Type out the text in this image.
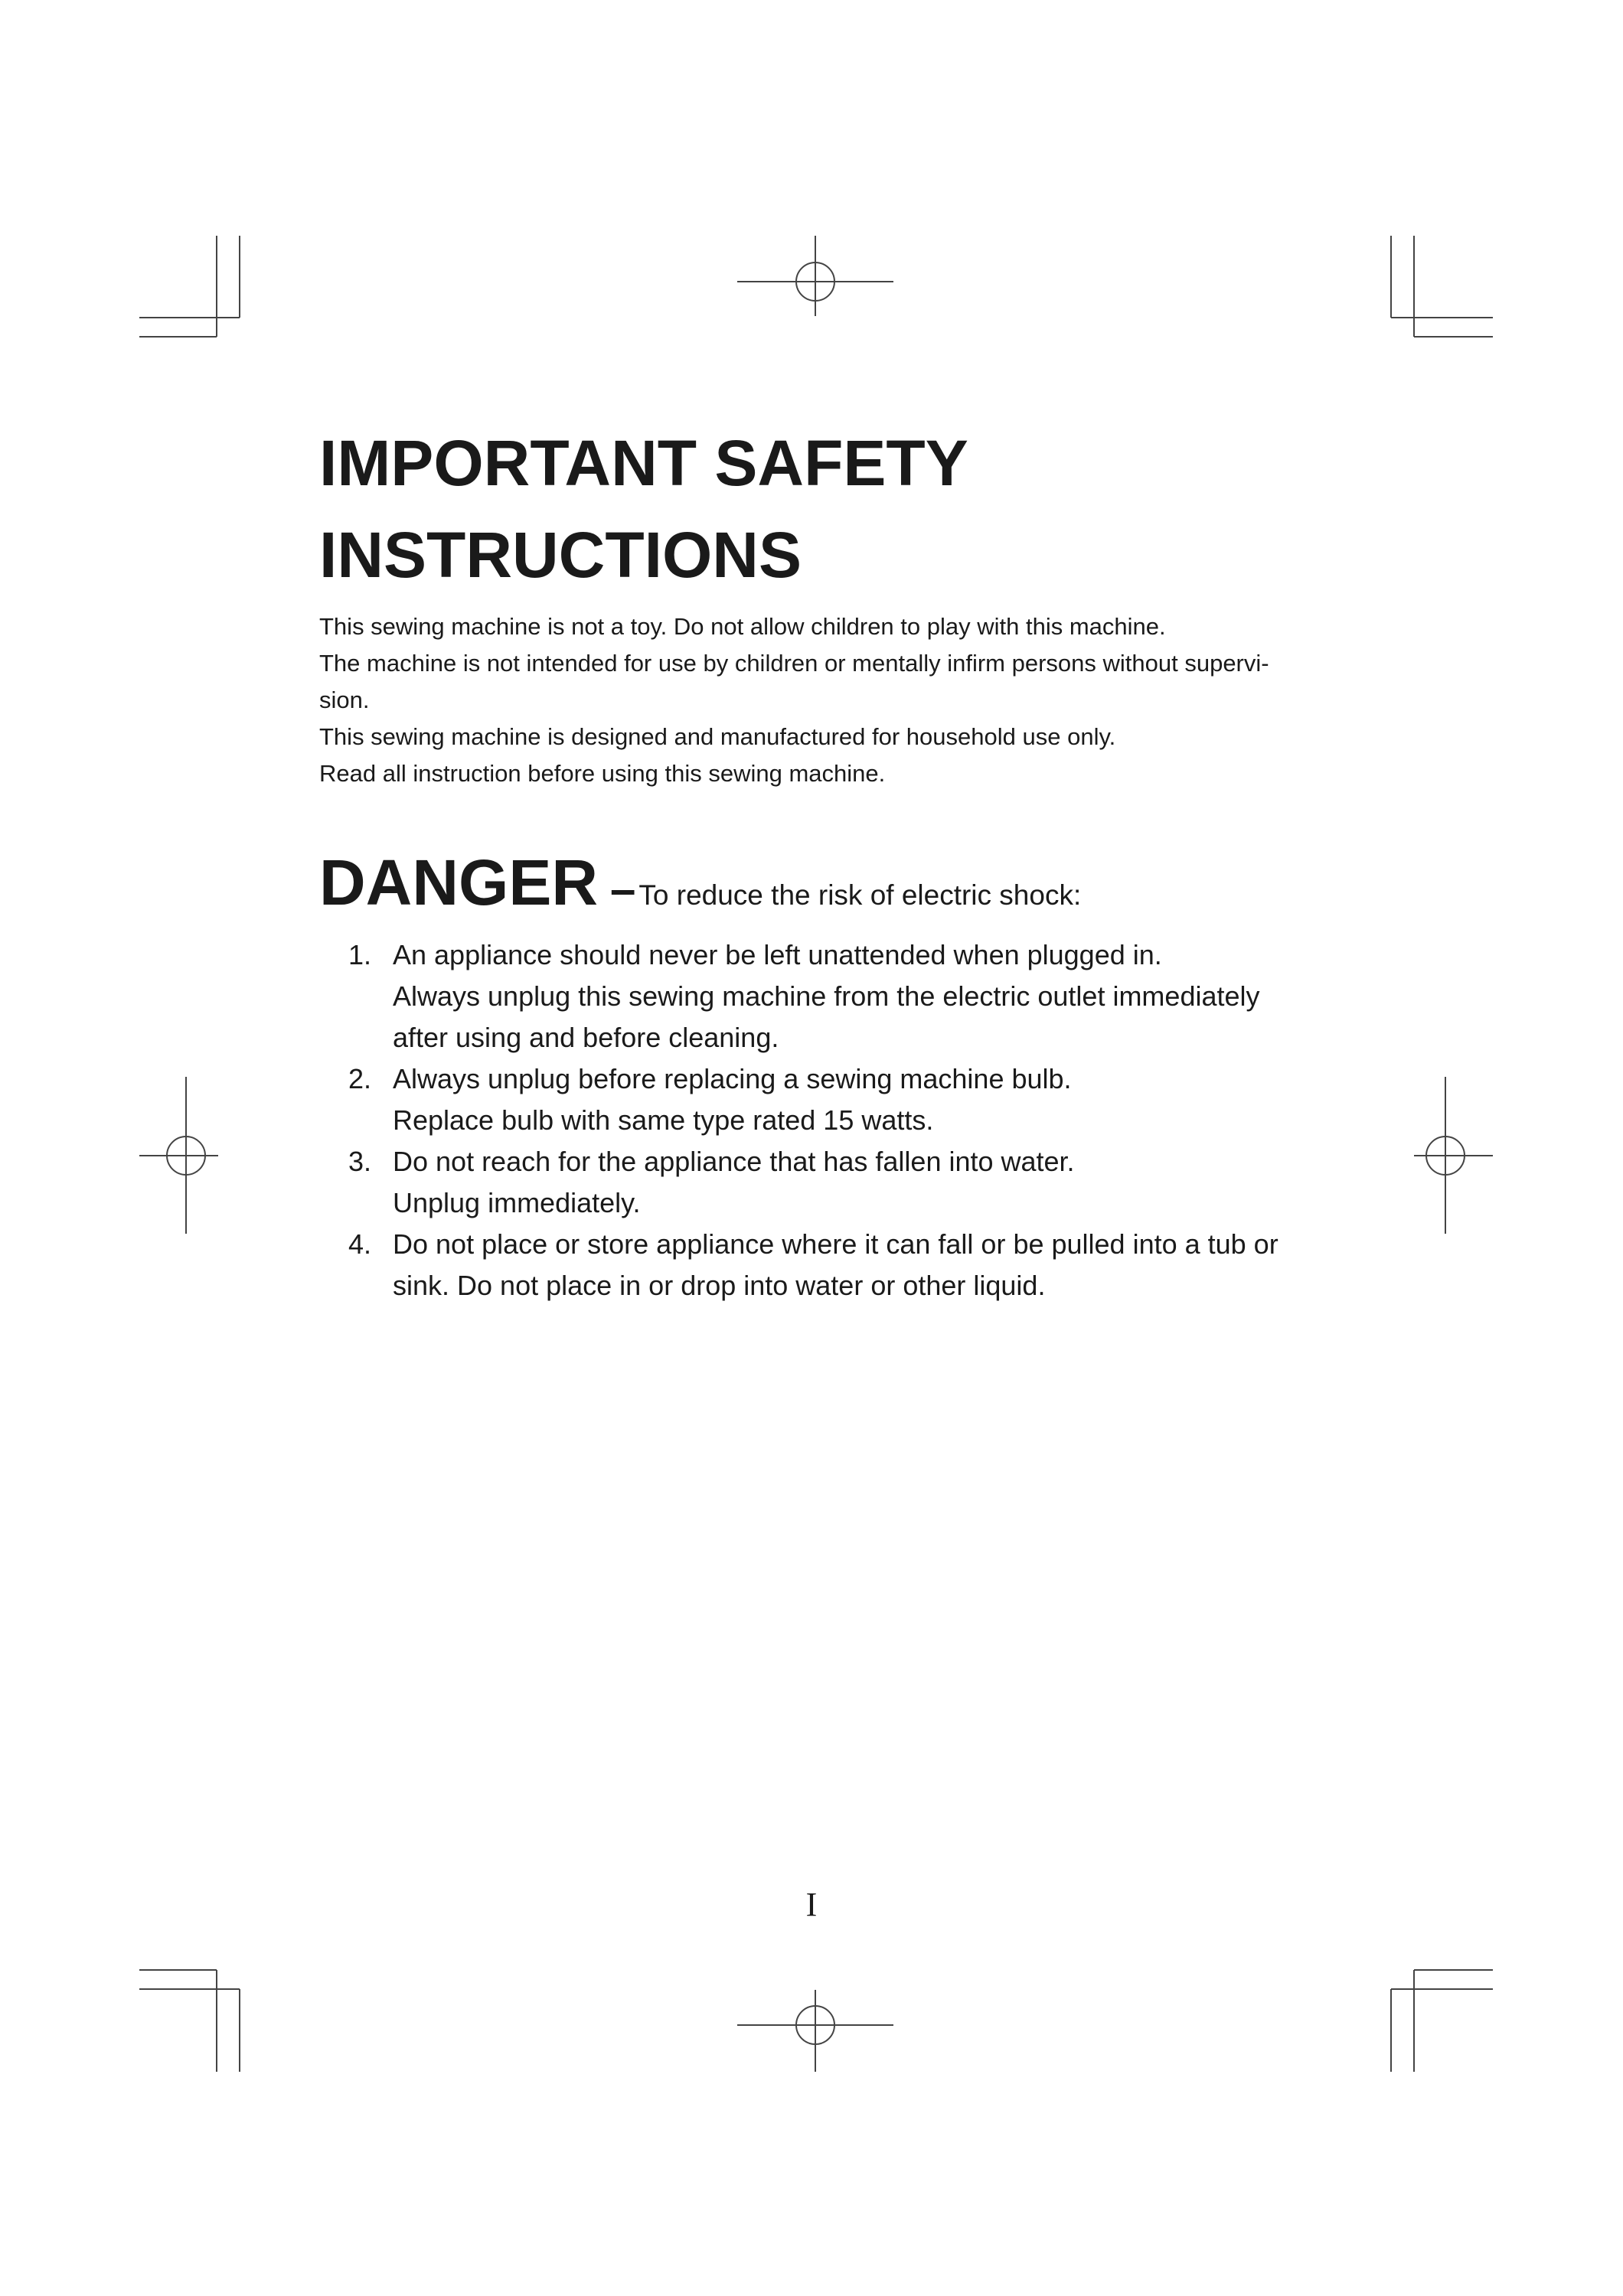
IMPORTANT SAFETY
INSTRUCTIONS

This sewing machine is not a toy. Do not allow children to play with this machine.

The machine is not intended for use by children or mentally infirm persons without supervi-

sion.

This sewing machine is designed and manufactured for household use only.

Read all instruction before using this sewing machine.

DANGER – To reduce the risk of electric shock:
1. An appliance should never be left unattended when plugged in.
Always unplug this sewing machine from the electric outlet immediately
after using and before cleaning.
2. Always unplug before replacing a sewing machine bulb.
Replace bulb with same type rated 15 watts.
3. Do not reach for the appliance that has fallen into water.
Unplug immediately.
4. Do not place or store appliance where it can fall or be pulled into a tub or
sink. Do not place in or drop into water or other liquid.
I
